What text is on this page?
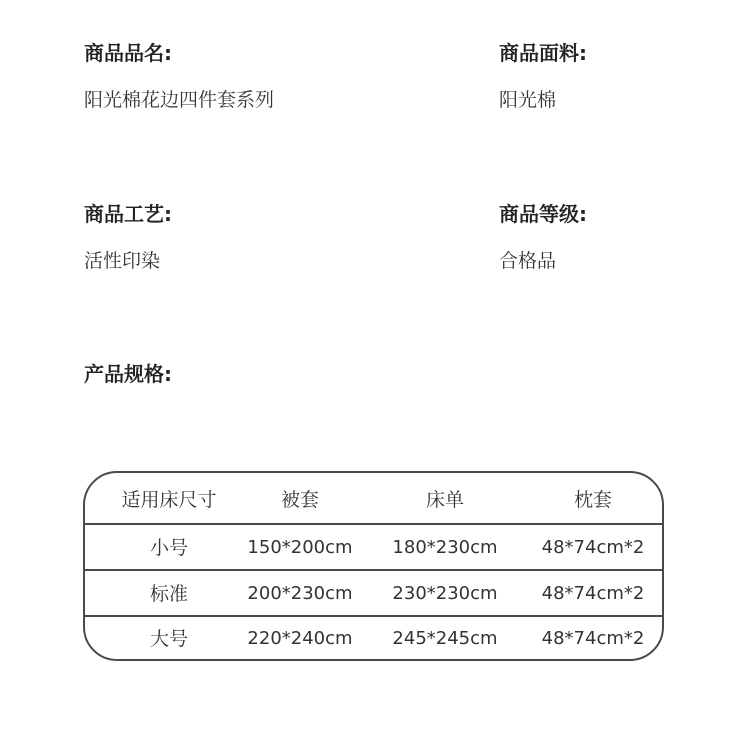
商品品名:
阳光棉花边四件套系列
商品面料:
阳光棉
商品工艺:
活性印染
商品等级:
合格品
产品规格:
适用床尺寸	被套	床单	枕套
小号	150*200cm	180*230cm	48*74cm*2
标准	200*230cm	230*230cm	48*74cm*2
大号	220*240cm	245*245cm	48*74cm*2
